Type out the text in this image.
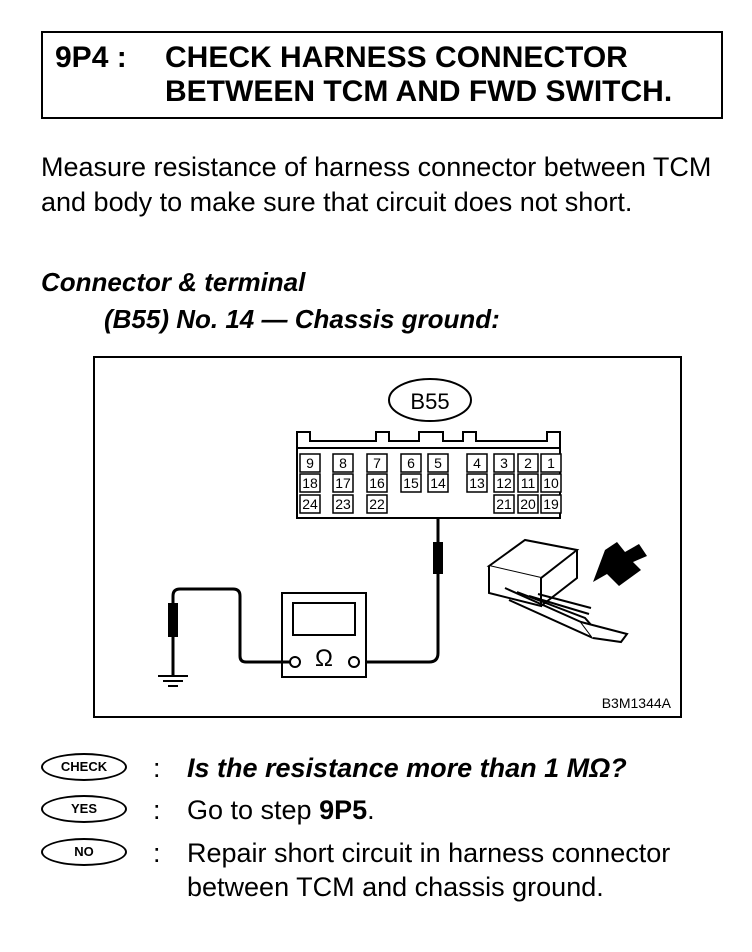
9P4 : CHECK HARNESS CONNECTOR
BETWEEN TCM AND FWD SWITCH.

Measure resistance of harness connector between TCM and body to make sure that circuit does not short.

Connector & terminal
(B55) No. 14 — Chassis ground:
B55
9 8 7 6 5 4 3 2 1
18 17 16 15 14 13 12 11 10
24 23 22	21 20 19
Ω
B3M1344A
CHECK	: Is the resistance more than 1 MΩ?
YES	: Go to step 9P5.
NO	: Repair short circuit in harness connector
between TCM and chassis ground.
